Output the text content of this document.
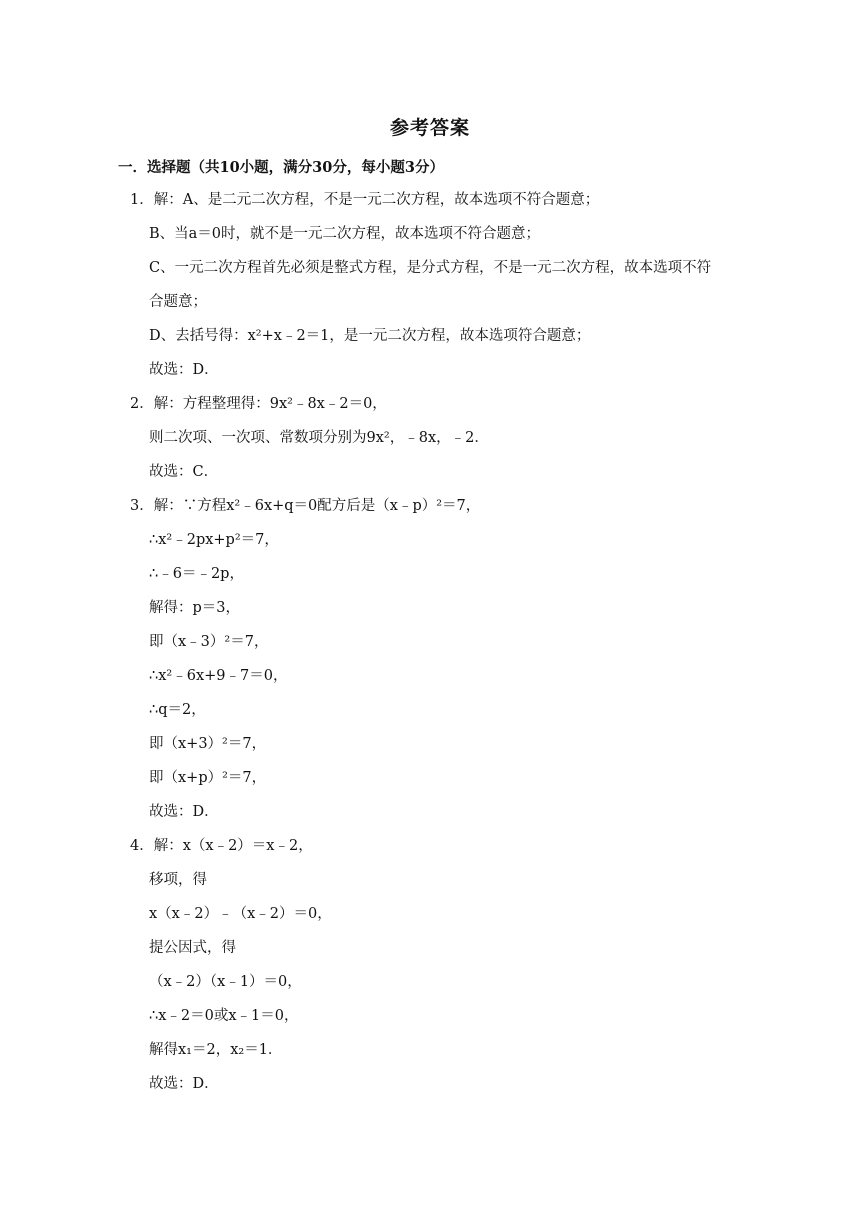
参考答案
一．选择题（共10小题，满分30分，每小题3分）
1．解：A、是二元二次方程，不是一元二次方程，故本选项不符合题意；
B、当a＝0时，就不是一元二次方程，故本选项不符合题意；
C、一元二次方程首先必须是整式方程，是分式方程，不是一元二次方程，故本选项不符
合题意；
D、去括号得：x²+x﹣2＝1，是一元二次方程，故本选项符合题意；
故选：D．
2．解：方程整理得：9x²﹣8x﹣2＝0，
则二次项、一次项、常数项分别为9x²，﹣8x，﹣2．
故选：C．
3．解：∵方程x²﹣6x+q＝0配方后是（x﹣p）²＝7，
∴x²﹣2px+p²＝7，
∴﹣6＝﹣2p，
解得：p＝3，
即（x﹣3）²＝7，
∴x²﹣6x+9﹣7＝0，
∴q＝2，
即（x+3）²＝7，
即（x+p）²＝7，
故选：D．
4．解：x（x﹣2）＝x﹣2，
移项，得
x（x﹣2）﹣（x﹣2）＝0，
提公因式，得
（x﹣2）（x﹣1）＝0，
∴x﹣2＝0或x﹣1＝0，
解得x₁＝2，x₂＝1．
故选：D．
